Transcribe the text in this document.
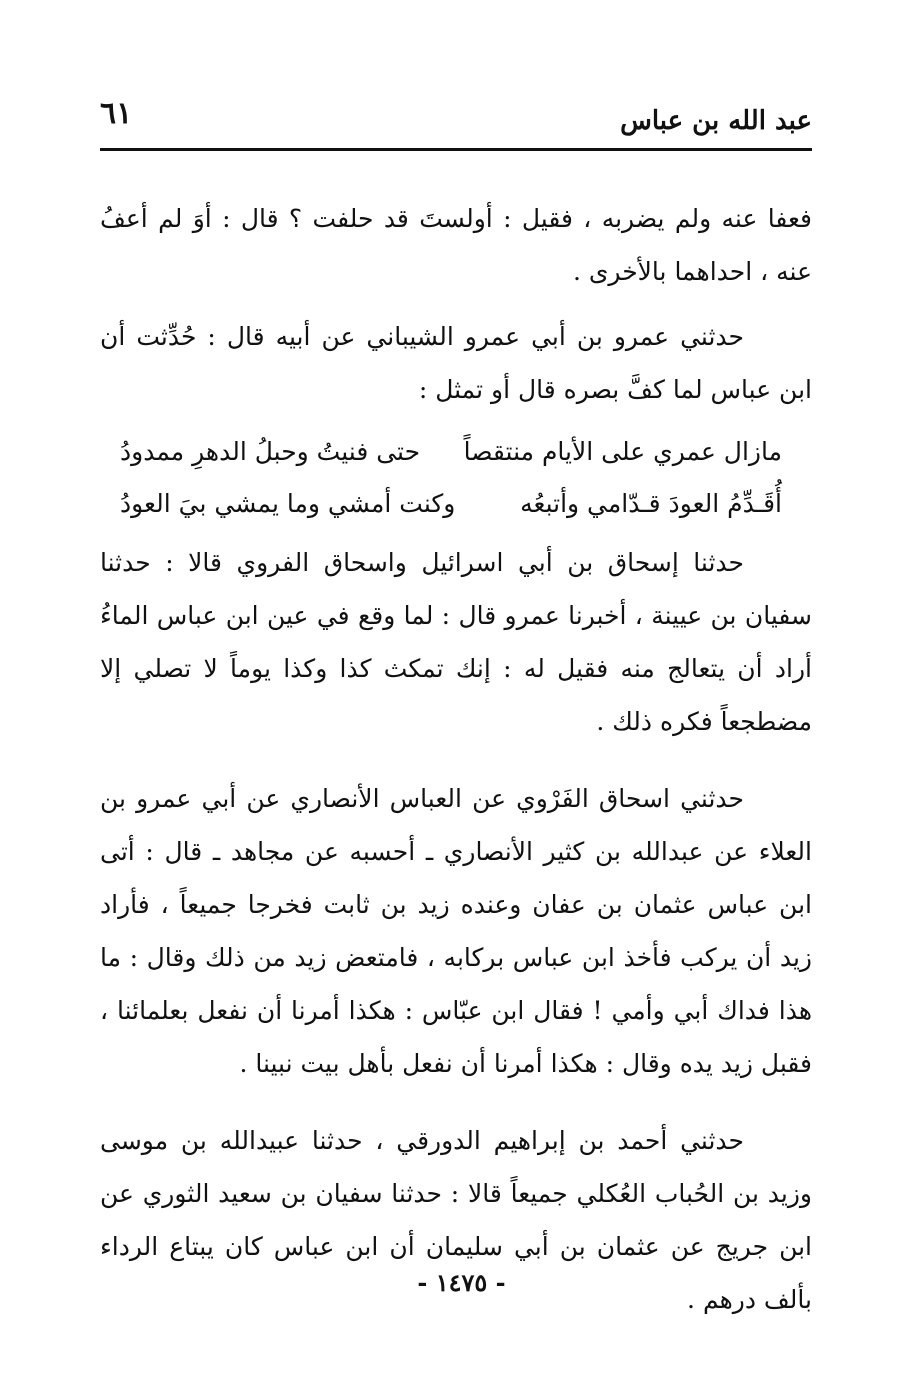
عبد الله بن عباس
٦١

فعفا عنه ولم يضربه ، فقيل : أولستَ قد حلفت ؟ قال : أوَ لم أعفُ عنه ، احداهما بالأخرى .

حدثني عمرو بن أبي عمرو الشيباني عن أبيه قال : حُدِّثت أن ابن عباس لما كفَّ بصره قال أو تمثل :

مازال عمري على الأيام منتقصاً
حتى فنيتُ وحبلُ الدهرِ ممدودُ
أُقَـدِّمُ العودَ قـدّامي وأتبعُه
وكنت أمشي وما يمشي بيَ العودُ

حدثنا إسحاق بن أبي اسرائيل واسحاق الفروي قالا : حدثنا سفيان بن عيينة ، أخبرنا عمرو قال : لما وقع في عين ابن عباس الماءُ أراد أن يتعالج منه فقيل له : إنك تمكث كذا وكذا يوماً لا تصلي إلا مضطجعاً فكره ذلك .

حدثني اسحاق الفَرْوي عن العباس الأنصاري عن أبي عمرو بن العلاء عن عبدالله بن كثير الأنصاري ـ أحسبه عن مجاهد ـ قال : أتى ابن عباس عثمان بن عفان وعنده زيد بن ثابت فخرجا جميعاً ، فأراد زيد أن يركب فأخذ ابن عباس بركابه ، فامتعض زيد من ذلك وقال : ما هذا فداك أبي وأمي ! فقال ابن عبّاس : هكذا أمرنا أن نفعل بعلمائنا ، فقبل زيد يده وقال : هكذا أمرنا أن نفعل بأهل بيت نبينا .

حدثني أحمد بن إبراهيم الدورقي ، حدثنا عبيدالله بن موسى وزيد بن الحُباب العُكلي جميعاً قالا : حدثنا سفيان بن سعيد الثوري عن ابن جريج عن عثمان بن أبي سليمان أن ابن عباس كان يبتاع الرداء بألف درهم .

- ١٤٧٥ -
